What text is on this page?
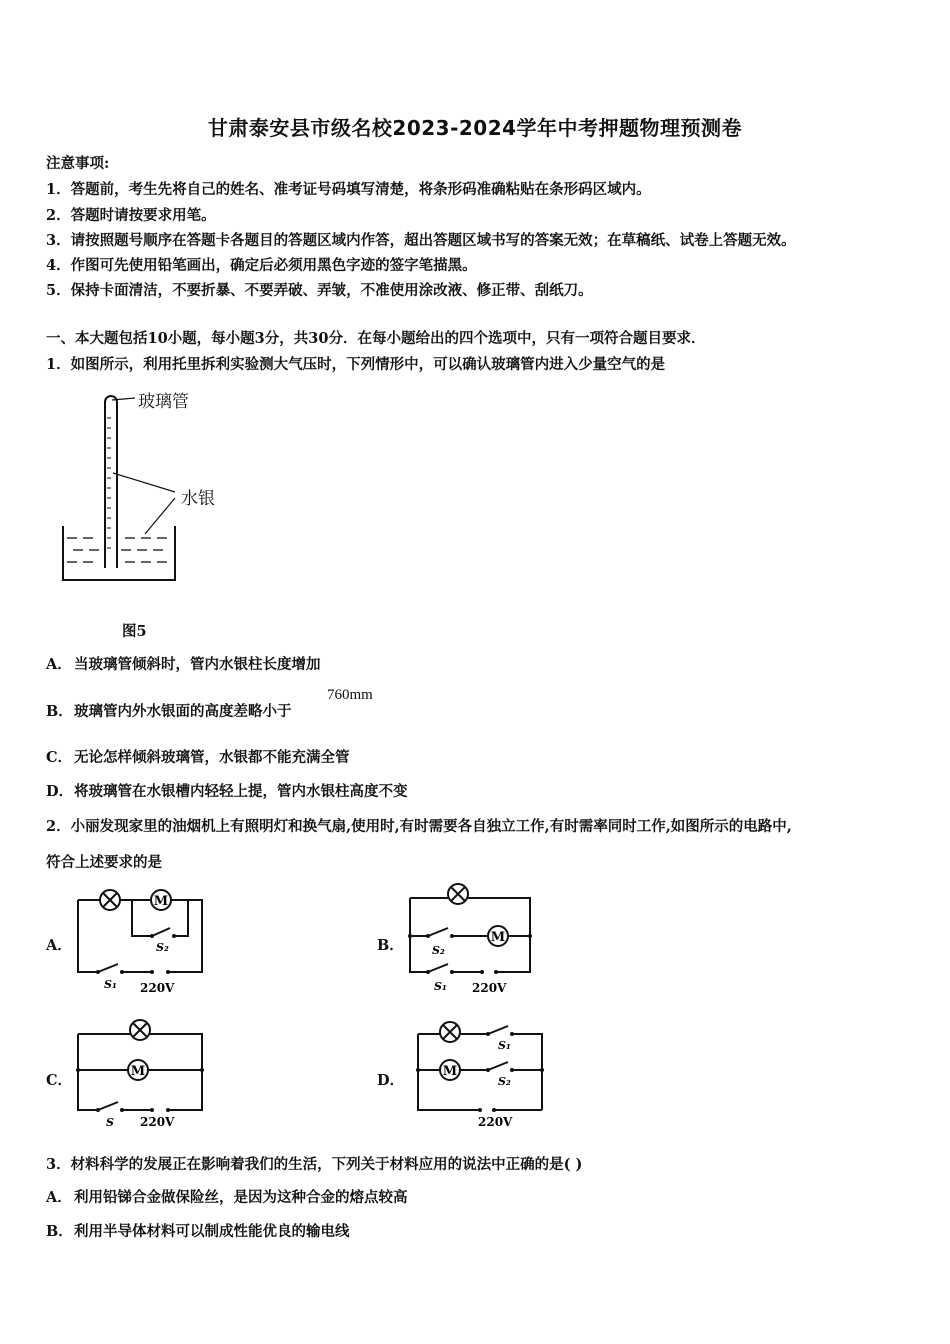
甘肃泰安县市级名校2023-2024学年中考押题物理预测卷
注意事项:
1．答题前，考生先将自己的姓名、准考证号码填写清楚，将条形码准确粘贴在条形码区域内。
2．答题时请按要求用笔。
3．请按照题号顺序在答题卡各题目的答题区域内作答，超出答题区域书写的答案无效；在草稿纸、试卷上答题无效。
4．作图可先使用铅笔画出，确定后必须用黑色字迹的签字笔描黑。
5．保持卡面清洁，不要折暴、不要弄破、弄皱，不准使用涂改液、修正带、刮纸刀。
一、本大题包括10小题，每小题3分，共30分．在每小题给出的四个选项中，只有一项符合题目要求．
1．如图所示，利用托里拆利实验测大气压时，下列情形中，可以确认玻璃管内进入少量空气的是
玻璃管
水银
图5
A． 当玻璃管倾斜时，管内水银柱长度增加
B．玻璃管内外水银面的高度差略小于
760mm
C． 无论怎样倾斜玻璃管，水银都不能充满全管
D．将玻璃管在水银槽内轻轻上提，管内水银柱高度不变
2．小丽发现家里的油烟机上有照明灯和换气扇,使用时,有时需要各自独立工作,有时需率同时工作,如图所示的电路中,
符合上述要求的是
A．	B．
C．	D．
M
S₂
S₁ 220V
M
S₂
S₁ 220V
M
S 220V
M
S₁
S₂
220V
3．材料科学的发展正在影响着我们的生活，下列关于材料应用的说法中正确的是( )
A． 利用铅锑合金做保险丝，是因为这种合金的熔点较高
B．利用半导体材料可以制成性能优良的输电线
